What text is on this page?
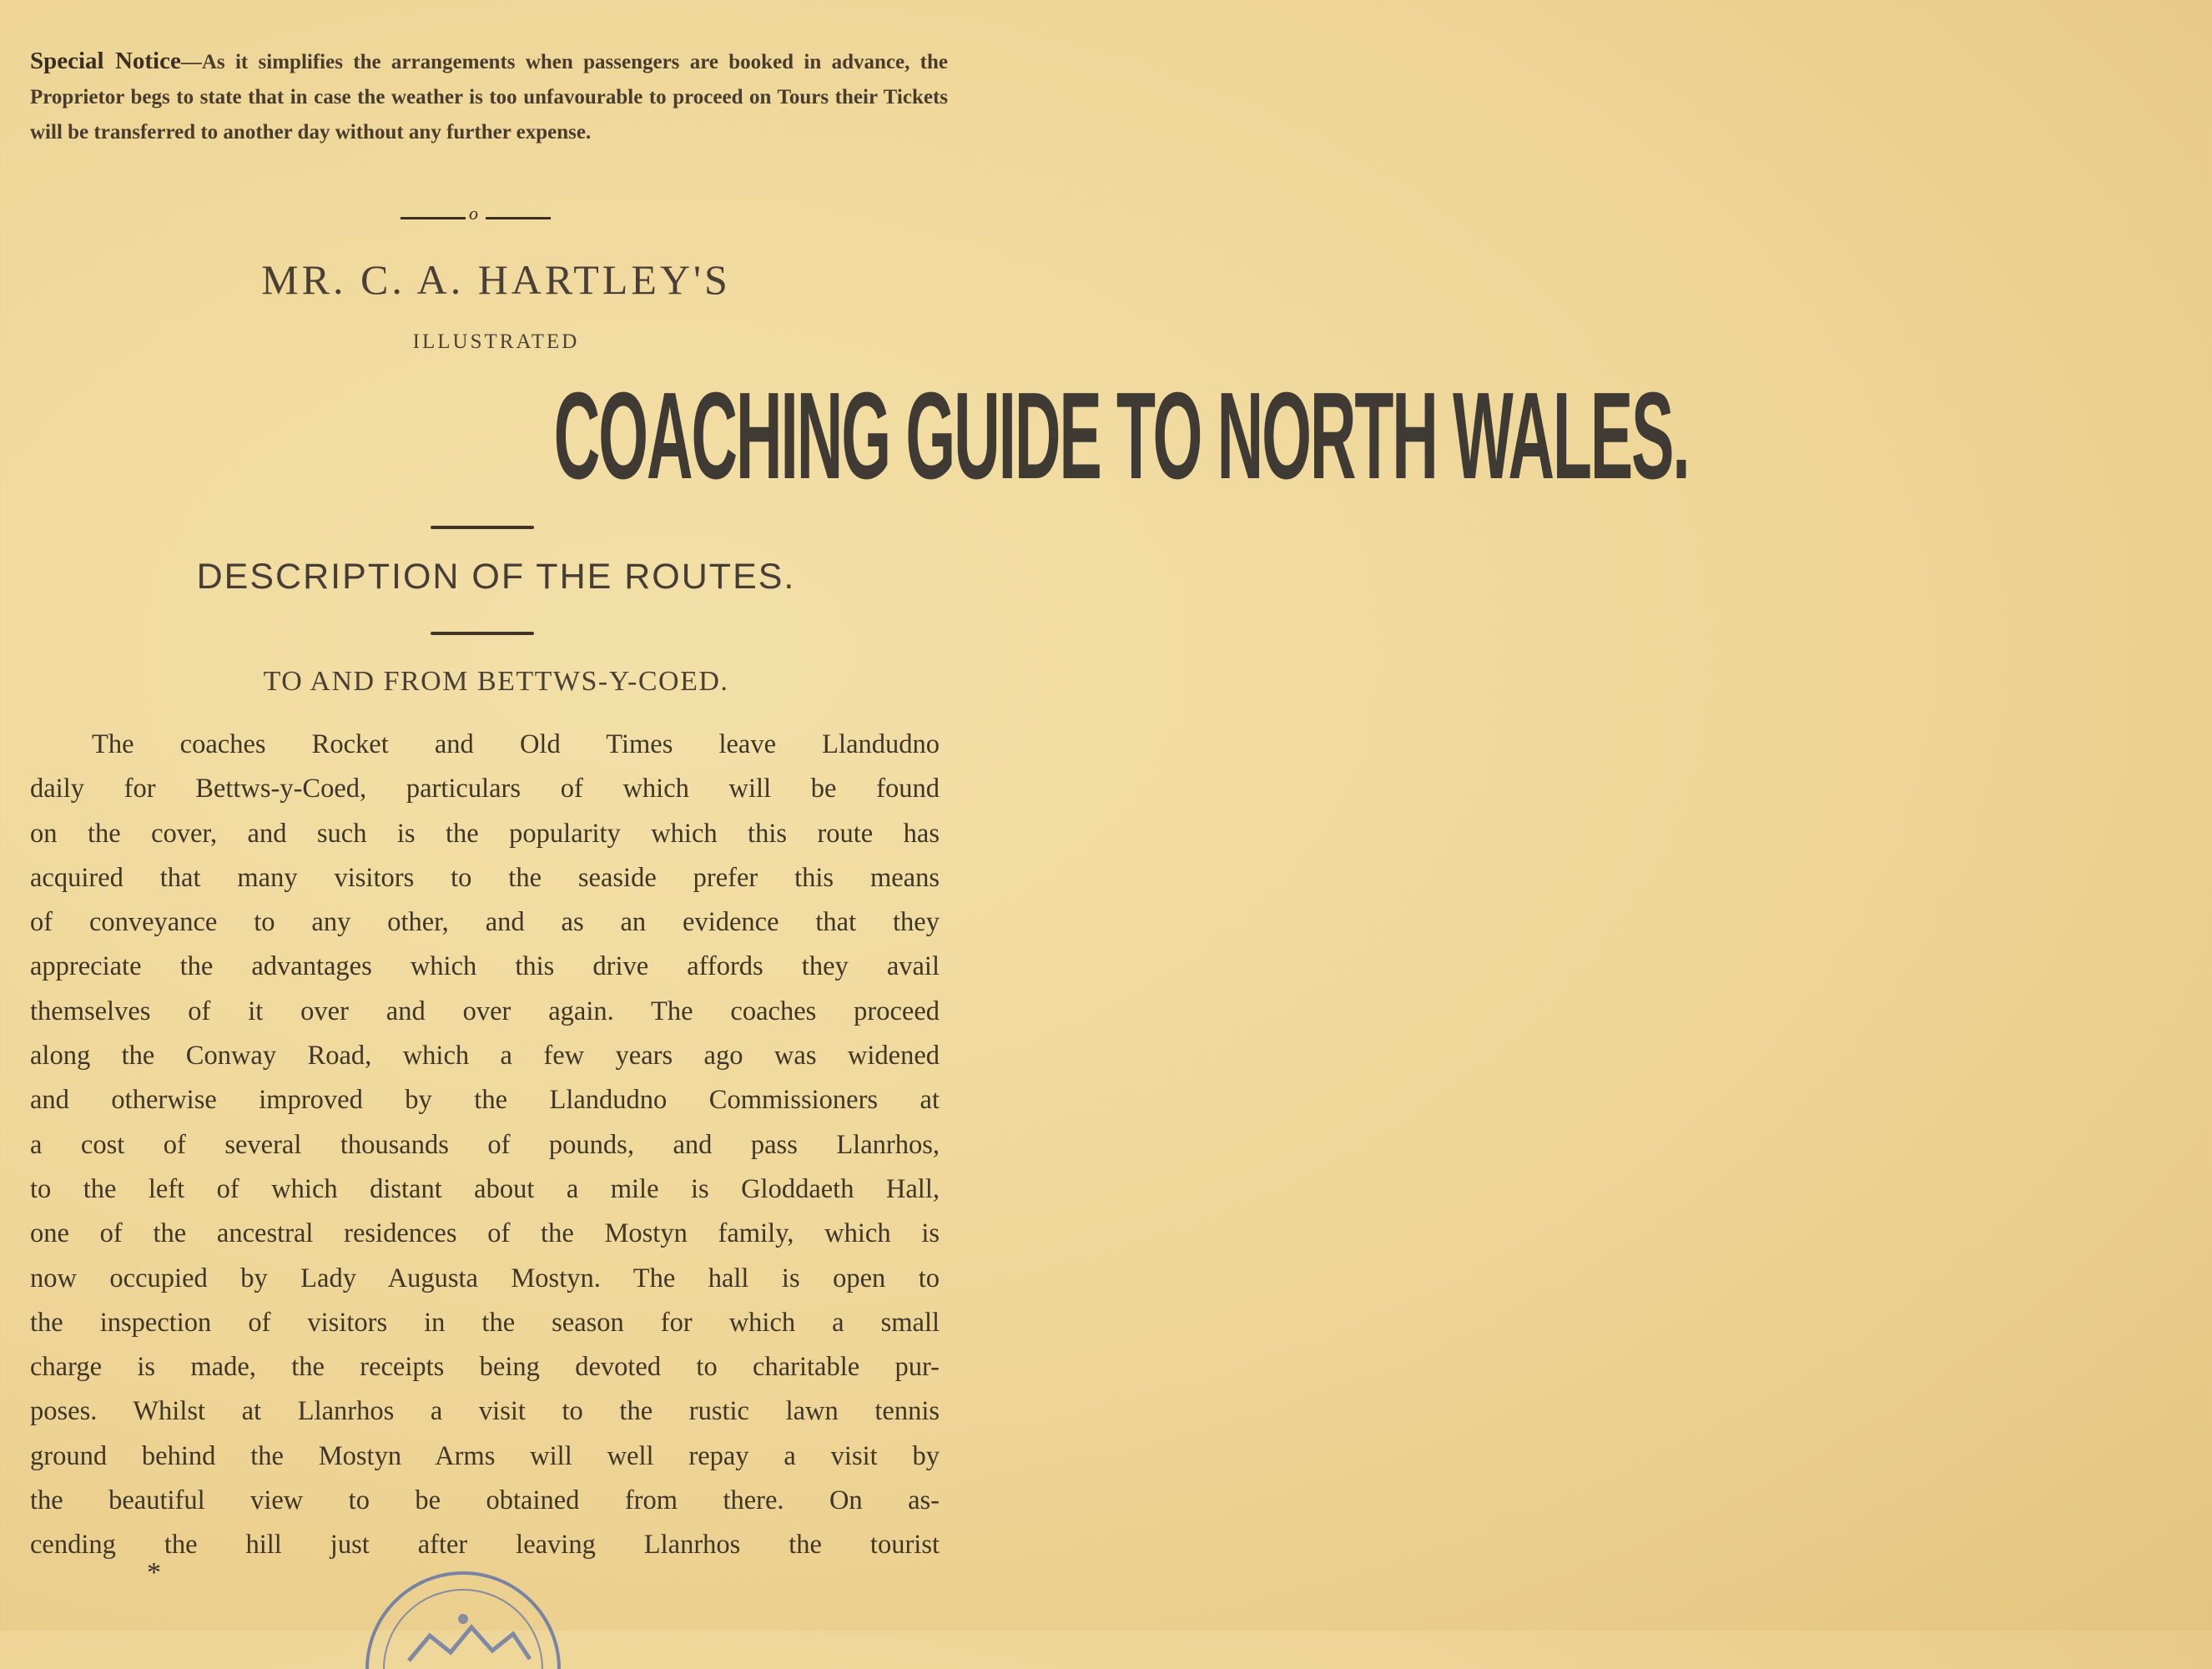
Special Notice—As it simplifies the arrangements when passengers are booked in advance, the Proprietor begs to state that in case the weather is too unfavourable to proceed on Tours their Tickets will be transferred to another day without any further expense.
o
MR. C. A. HARTLEY'S
ILLUSTRATED
COACHING GUIDE TO NORTH WALES.
DESCRIPTION OF THE ROUTES.
TO AND FROM BETTWS-Y-COED.
The coaches Rocket and Old Times leave Llandudno
daily for Bettws-y-Coed, particulars of which will be found
on the cover, and such is the popularity which this route has
acquired that many visitors to the seaside prefer this means
of conveyance to any other, and as an evidence that they
appreciate the advantages which this drive affords they avail
themselves of it over and over again. The coaches proceed
along the Conway Road, which a few years ago was widened
and otherwise improved by the Llandudno Commissioners at
a cost of several thousands of pounds, and pass Llanrhos,
to the left of which distant about a mile is Gloddaeth Hall,
one of the ancestral residences of the Mostyn family, which is
now occupied by Lady Augusta Mostyn. The hall is open to
the inspection of visitors in the season for which a small
charge is made, the receipts being devoted to charitable pur-
poses. Whilst at Llanrhos a visit to the rustic lawn tennis
ground behind the Mostyn Arms will well repay a visit by
the beautiful view to be obtained from there. On as-
cending the hill just after leaving Llanrhos the tourist
*
